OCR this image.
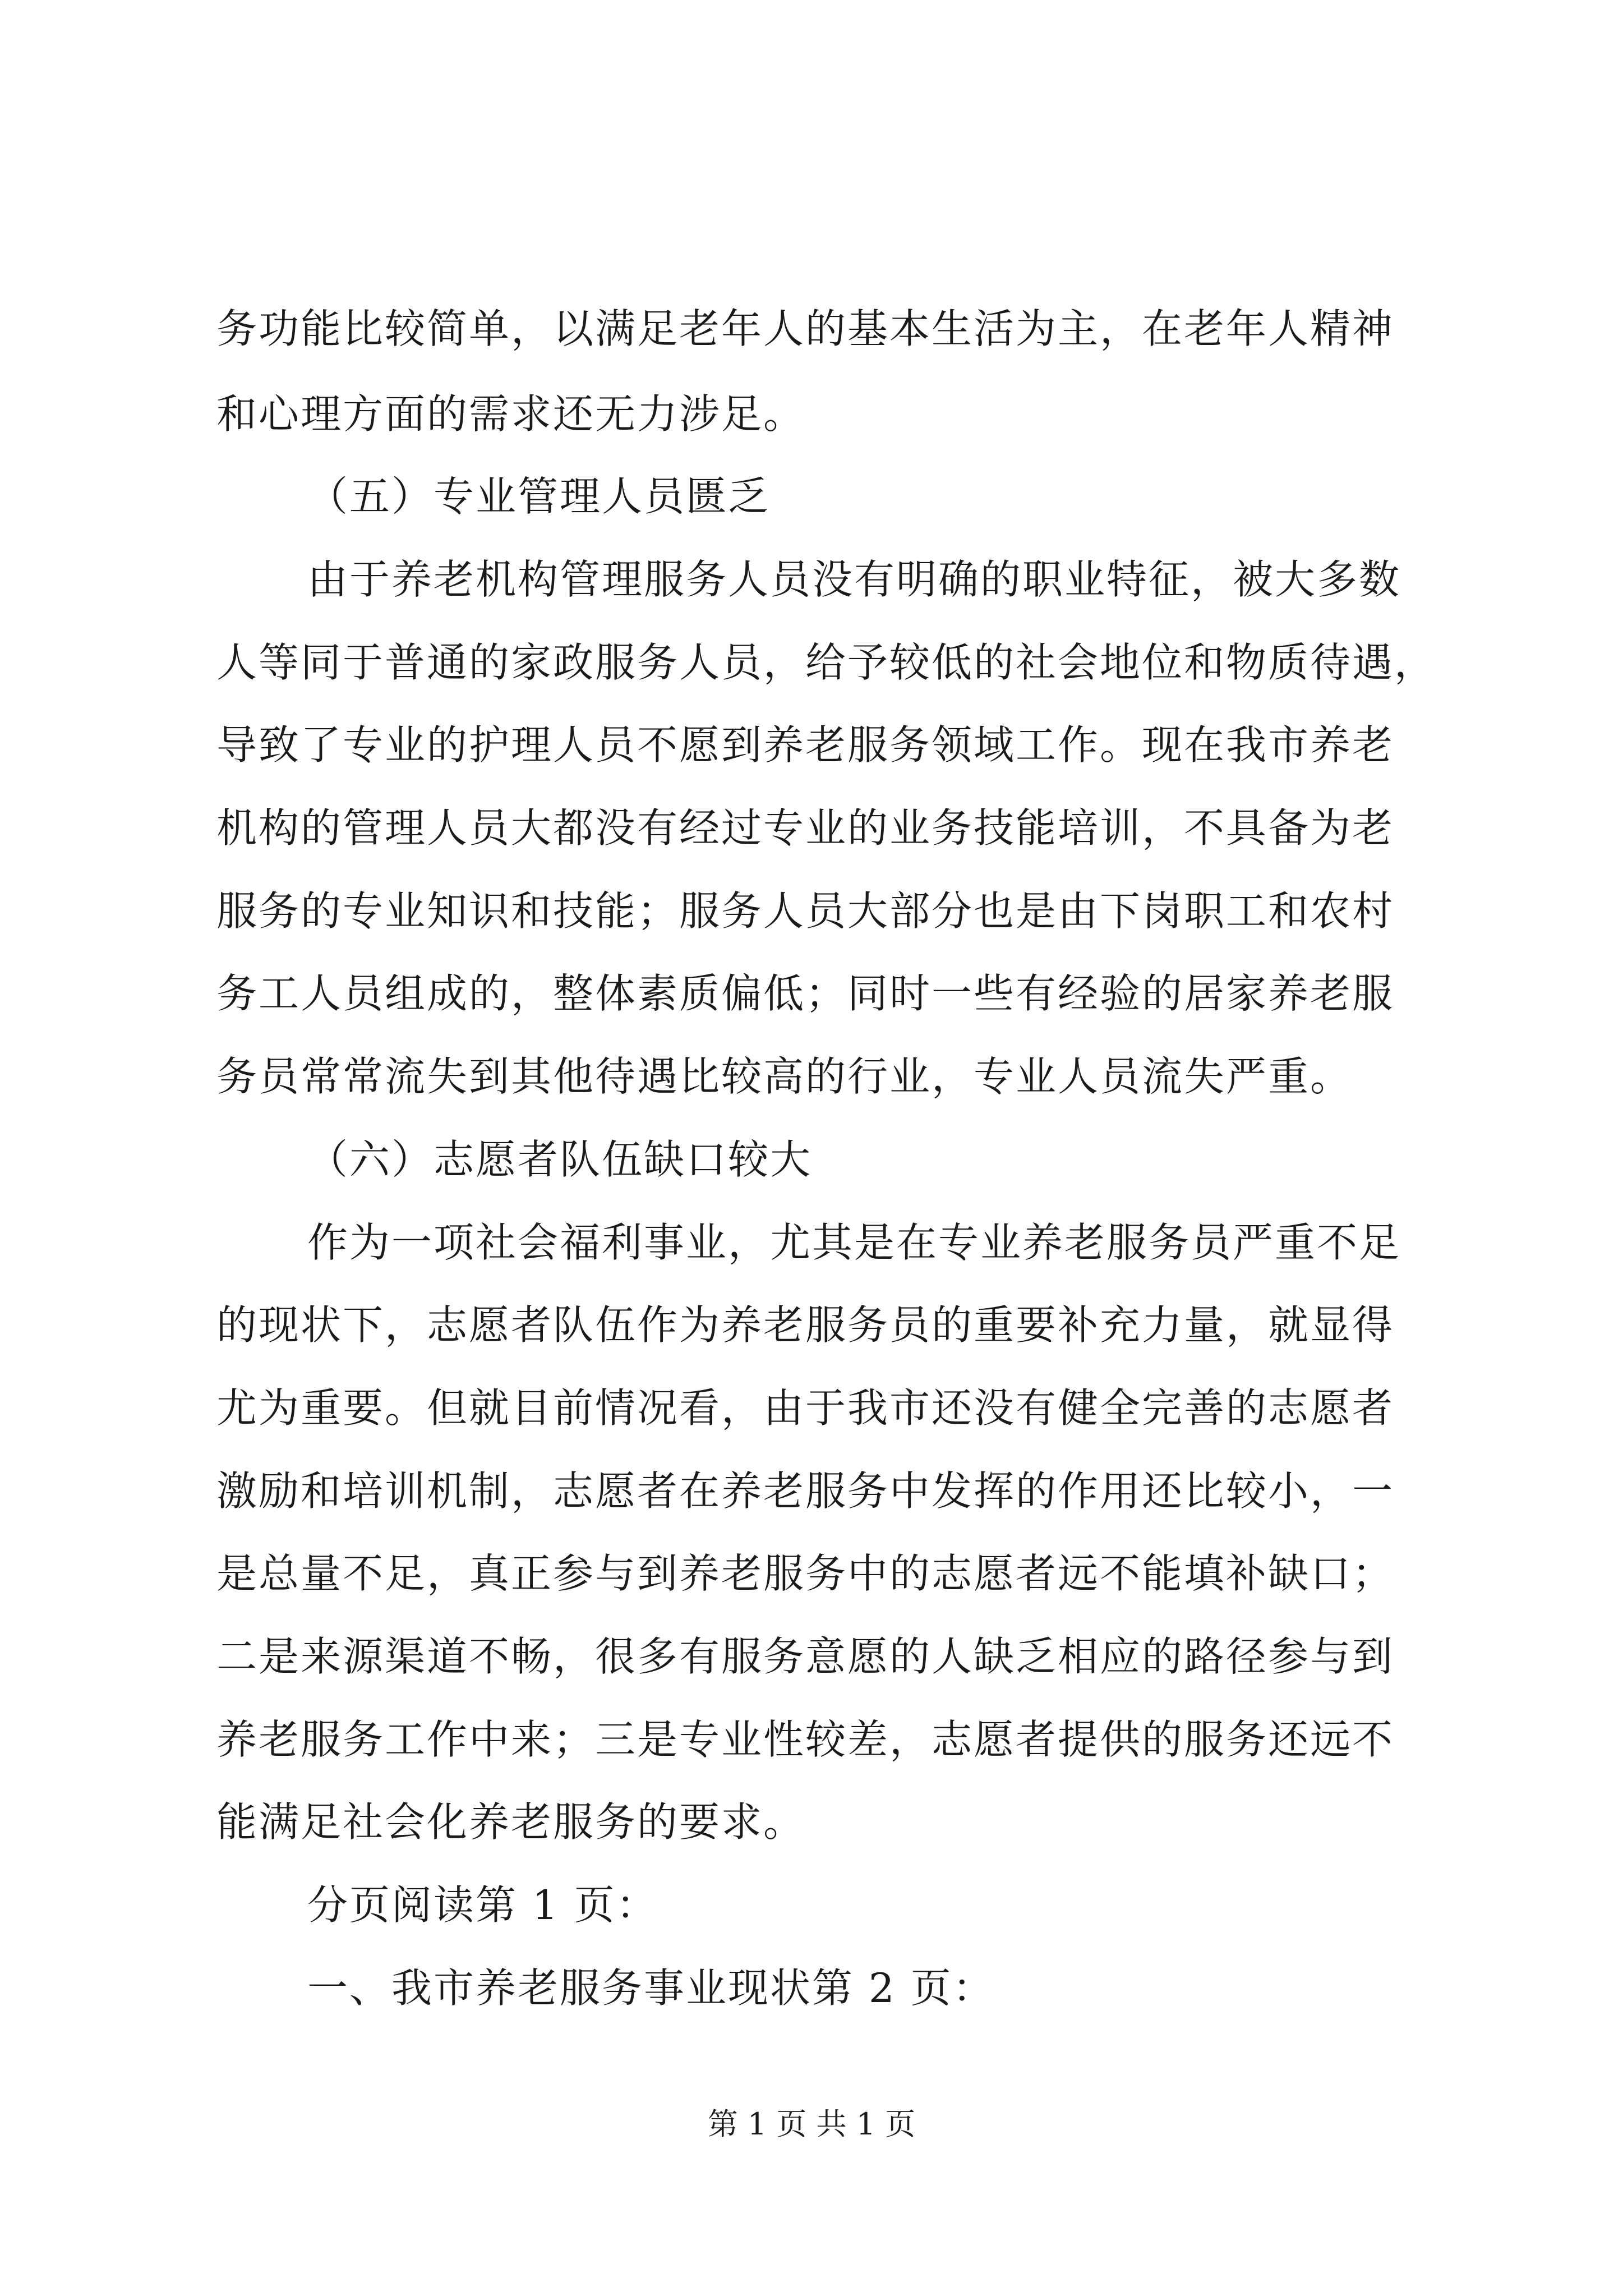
务功能比较简单，以满足老年人的基本生活为主，在老年人精神
和心理方面的需求还无力涉足。
（五）专业管理人员匮乏
由于养老机构管理服务人员没有明确的职业特征，被大多数
人等同于普通的家政服务人员，给予较低的社会地位和物质待遇，
导致了专业的护理人员不愿到养老服务领域工作。现在我市养老
机构的管理人员大都没有经过专业的业务技能培训，不具备为老
服务的专业知识和技能；服务人员大部分也是由下岗职工和农村
务工人员组成的，整体素质偏低；同时一些有经验的居家养老服
务员常常流失到其他待遇比较高的行业，专业人员流失严重。
（六）志愿者队伍缺口较大
作为一项社会福利事业，尤其是在专业养老服务员严重不足
的现状下，志愿者队伍作为养老服务员的重要补充力量，就显得
尤为重要。但就目前情况看，由于我市还没有健全完善的志愿者
激励和培训机制，志愿者在养老服务中发挥的作用还比较小，一
是总量不足，真正参与到养老服务中的志愿者远不能填补缺口；
二是来源渠道不畅，很多有服务意愿的人缺乏相应的路径参与到
养老服务工作中来；三是专业性较差，志愿者提供的服务还远不
能满足社会化养老服务的要求。
分页阅读第 1 页：
一、我市养老服务事业现状第 2 页：
第 1 页 共 1 页
